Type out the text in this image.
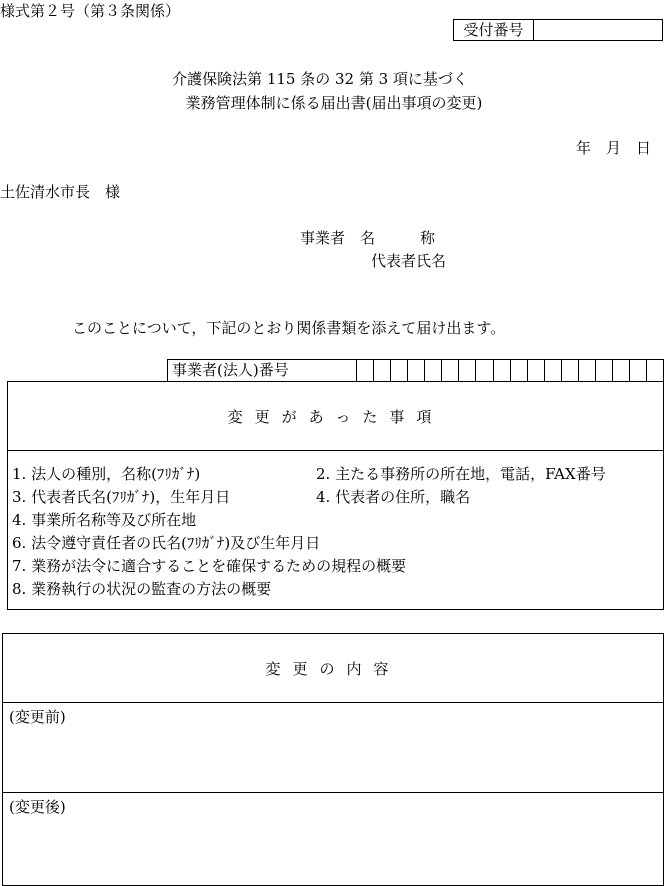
様式第２号（第３条関係）
受付番号
介護保険法第 115 条の 32 第 3 項に基づく
業務管理体制に係る届出書(届出事項の変更)
年　月　日
土佐清水市長　様
事業者　名　　　称
代表者氏名
このことについて，下記のとおり関係書類を添えて届け出ます。
事業者(法人)番号
変更があった事項
1. 法人の種別，名称(ﾌﾘｶﾞﾅ)	2. 主たる事務所の所在地，電話，FAX番号
3. 代表者氏名(ﾌﾘｶﾞﾅ)，生年月日	4. 代表者の住所，職名
4. 事業所名称等及び所在地
6. 法令遵守責任者の氏名(ﾌﾘｶﾞﾅ)及び生年月日
7. 業務が法令に適合することを確保するための規程の概要
8. 業務執行の状況の監査の方法の概要
変更の内容
(変更前)
(変更後)
